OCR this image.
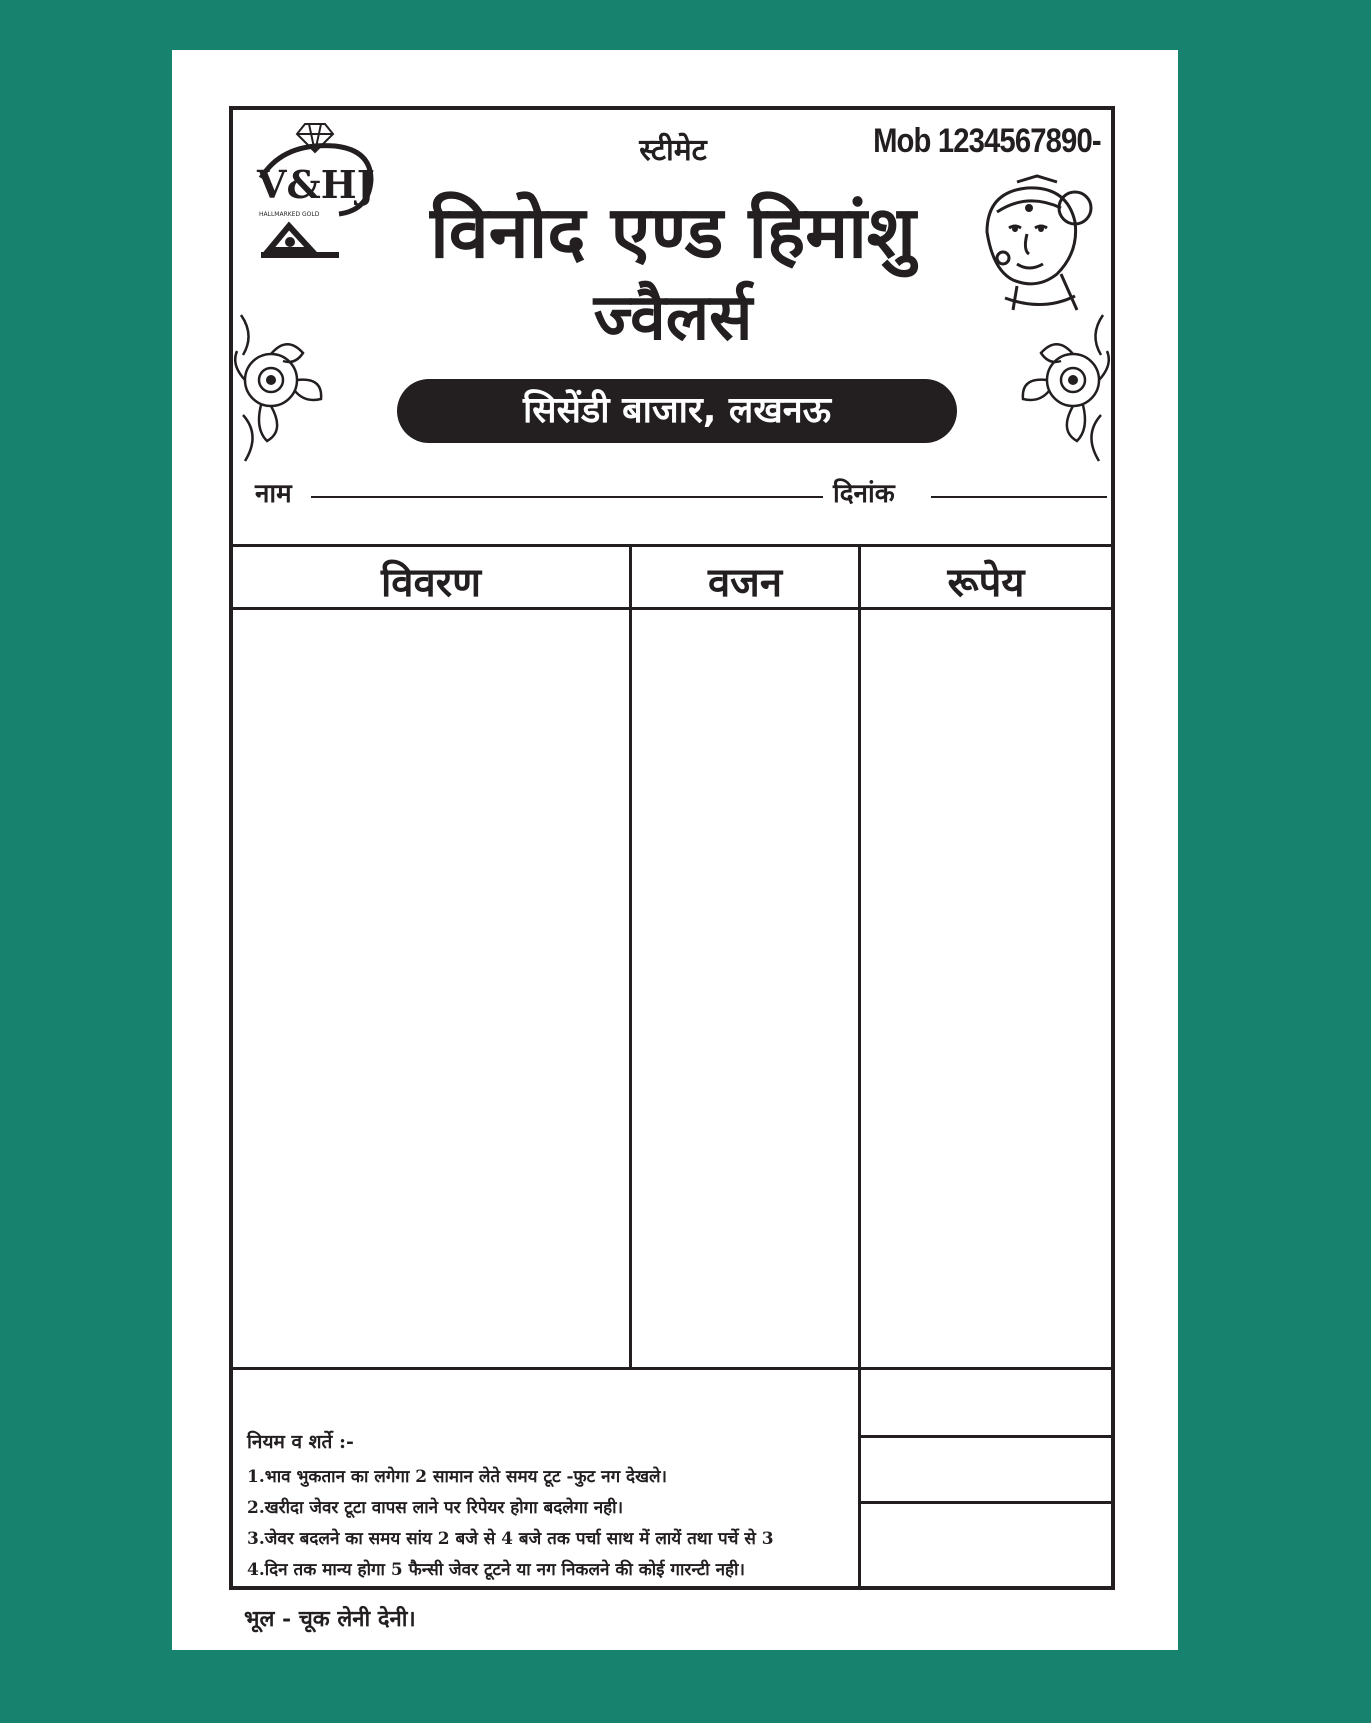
V&HJ
HALLMARKED GOLD
स्टीमेट	Mob 1234567890-
विनोद एण्ड हिमांशु
ज्वैलर्स
सिसेंडी बाजार, लखनऊ
नाम	दिनांक
विवरण	वजन	रूपेय
नियम व शर्ते :-
1.भाव भुकतान का लगेगा 2 सामान लेते समय टूट -फुट नग देखले।
2.खरीदा जेवर टूटा वापस लाने पर रिपेयर होगा बदलेगा नही।
3.जेवर बदलने का समय सांय 2 बजे से 4 बजे तक पर्चा साथ में लायें तथा पर्चे से 3
4.दिन तक मान्य होगा 5 फैन्सी जेवर टूटने या नग निकलने की कोई गारन्टी नही।
भूल - चूक लेनी देनी।
